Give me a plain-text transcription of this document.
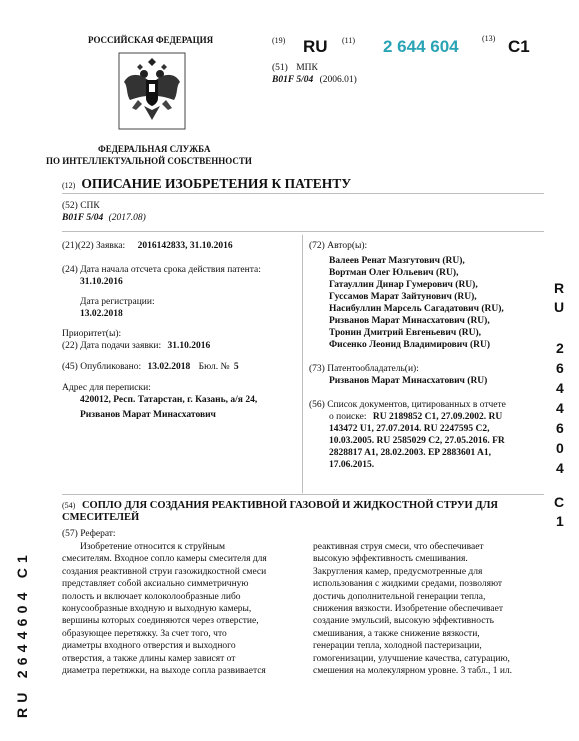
РОССИЙСКАЯ ФЕДЕРАЦИЯ
ФЕДЕРАЛЬНАЯ СЛУЖБА
ПО ИНТЕЛЛЕКТУАЛЬНОЙ СОБСТВЕННОСТИ
(19) RU (11) 2 644 604	(13) C1
(51) МПК
B01F 5/04 (2006.01)
(12) ОПИСАНИЕ ИЗОБРЕТЕНИЯ К ПАТЕНТУ
(52) СПК
B01F 5/04 (2017.08)
(21)(22) Заявка: 2016142833, 31.10.2016
(24) Дата начала отсчета срока действия патента:
31.10.2016
Дата регистрации:
13.02.2018
Приоритет(ы):
(22) Дата подачи заявки: 31.10.2016
(45) Опубликовано: 13.02.2018 Бюл. № 5
Адрес для переписки:
420012, Респ. Татарстан, г. Казань, а/я 24,
Ризванов Марат Минасхатович
(72) Автор(ы):
Валеев Ренат Мазгутович (RU),
Вортман Олег Юльевич (RU),
Гатауллин Динар Гумерович (RU),
Гуссамов Марат Зайтунович (RU),
Насибуллин Марсель Сагадатович (RU),
Ризванов Марат Минасхатович (RU),
Тронин Дмитрий Евгеньевич (RU),
Фисенко Леонид Владимирович (RU)
(73) Патентообладатель(и):
Ризванов Марат Минасхатович (RU)
(56) Список документов, цитированных в отчете
о поиске: RU 2189852 C1, 27.09.2002. RU
143472 U1, 27.07.2014. RU 2247595 C2,
10.03.2005. RU 2585029 C2, 27.05.2016. FR
2828817 A1, 28.02.2003. EP 2883601 A1,
17.06.2015.
(54) СОПЛО ДЛЯ СОЗДАНИЯ РЕАКТИВНОЙ ГАЗОВОЙ И ЖИДКОСТНОЙ СТРУИ ДЛЯ
СМЕСИТЕЛЕЙ
(57) Реферат:
Изобретение относится к струйным
смесителям. Входное сопло камеры смесителя для
создания реактивной струи газожидкостной смеси
представляет собой аксиально симметричную
полость и включает колоколообразные либо
конусообразные входную и выходную камеры,
вершины которых соединяются через отверстие,
образующее перетяжку. За счет того, что
диаметры входного отверстия и выходного
отверстия, а также длины камер зависят от
диаметра перетяжки, на выходе сопла развивается
реактивная струя смеси, что обеспечивает
высокую эффективность смешивания.
Закругления камер, предусмотренные для
использования с жидкими средами, позволяют
достичь дополнительной генерации тепла,
снижения вязкости. Изобретение обеспечивает
создание эмульсий, высокую эффективность
смешивания, а также снижение вязкости,
генерации тепла, холодной пастеризации,
гомогенизации, улучшение качества, сатурацию,
смешения на молекулярном уровне. 3 табл., 1 ил.
R
U
2
6
4
4
6
0
4
C
1
RU 2644604 C1
